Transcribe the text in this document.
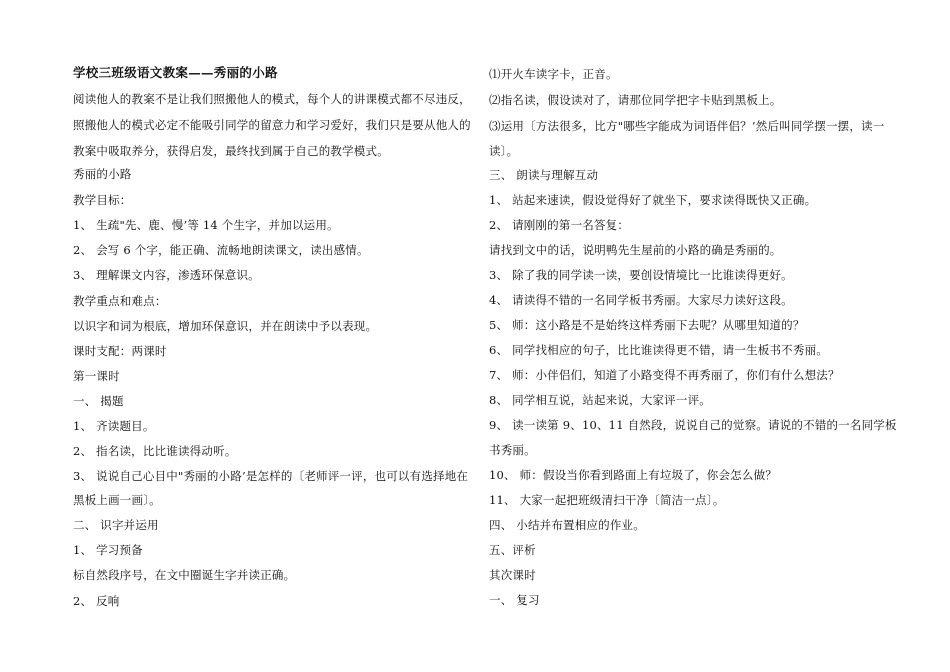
学校三班级语文教案——秀丽的小路
阅读他人的教案不是让我们照搬他人的模式，每个人的讲课模式都不尽违反，
照搬他人的模式必定不能吸引同学的留意力和学习爱好，我们只是要从他人的
教案中吸取养分，获得启发，最终找到属于自己的教学模式。
秀丽的小路
教学目标：
1、 生疏"先、鹿、慢’等 14 个生字，并加以运用。
2、 会写 6 个字，能正确、流畅地朗读课文，读出感情。
3、 理解课文内容，渗透环保意识。
教学重点和难点：
以识字和词为根底，增加环保意识，并在朗读中予以表现。
课时支配：两课时
第一课时
一、 揭题
1、 齐读题目。
2、 指名读，比比谁读得动听。
3、 说说自己心目中"秀丽的小路’是怎样的〔老师评一评，也可以有选择地在
黑板上画一画〕。
二、 识字并运用
1、 学习预备
标自然段序号，在文中圈诞生字并读正确。
2、 反响
⑴开火车读字卡，正音。
⑵指名读，假设读对了，请那位同学把字卡贴到黑板上。
⑶运用〔方法很多，比方"哪些字能成为词语伴侣？’然后叫同学摆一摆，读一
读〕。
三、 朗读与理解互动
1、 站起来速读，假设觉得好了就坐下，要求读得既快又正确。
2、 请刚刚的第一名答复：
请找到文中的话，说明鸭先生屋前的小路的确是秀丽的。
3、 除了我的同学读一读，要创设情境比一比谁读得更好。
4、 请读得不错的一名同学板书秀丽。大家尽力读好这段。
5、 师：这小路是不是始终这样秀丽下去呢？从哪里知道的？
6、 同学找相应的句子，比比谁读得更不错，请一生板书不秀丽。
7、 师：小伴侣们，知道了小路变得不再秀丽了，你们有什么想法？
8、 同学相互说，站起来说，大家评一评。
9、 读一读第 9、10、11 自然段，说说自己的觉察。请说的不错的一名同学板
书秀丽。
10、 师：假设当你看到路面上有垃圾了，你会怎么做？
11、 大家一起把班级清扫干净〔简洁一点〕。
四、 小结并布置相应的作业。
五、评析
其次课时
一、 复习
